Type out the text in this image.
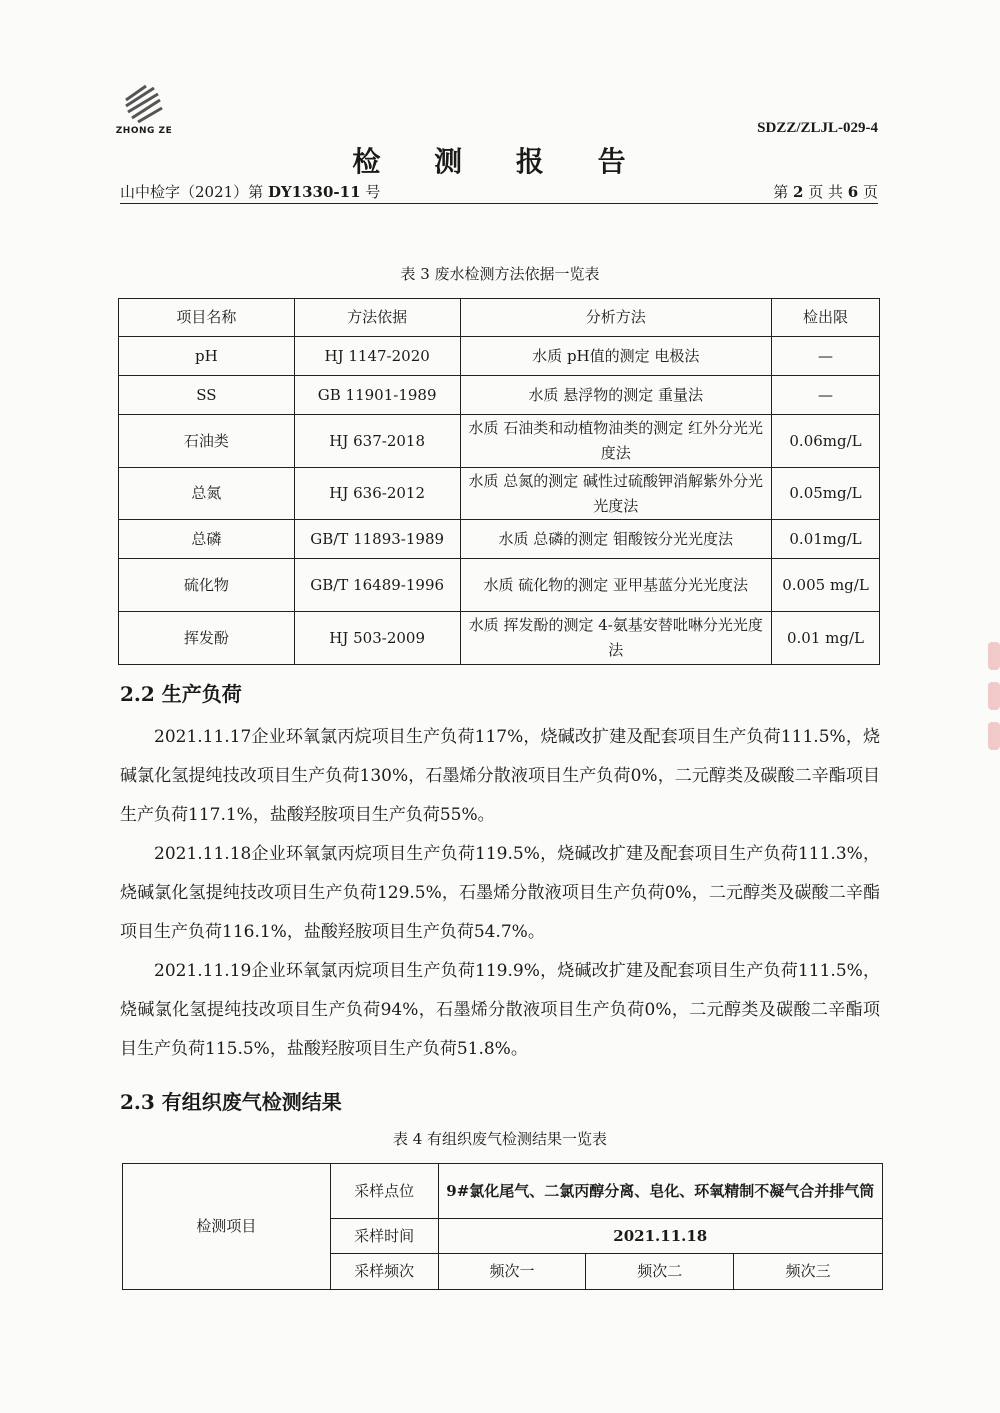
ZHONG ZE	SDZZ/ZLJL-029-4
检 测 报 告
山中检字（2021）第 DY1330-11 号	第 2 页 共 6 页
表 3 废水检测方法依据一览表
项目名称	方法依据	分析方法	检出限
pH	HJ 1147-2020	水质 pH值的测定 电极法	—
SS	GB 11901-1989	水质 悬浮物的测定 重量法	—
石油类	HJ 637-2018	水质 石油类和动植物油类的测定 红外分光光度法	0.06mg/L
总氮	HJ 636-2012	水质 总氮的测定 碱性过硫酸钾消解紫外分光光度法	0.05mg/L
总磷	GB/T 11893-1989	水质 总磷的测定 钼酸铵分光光度法	0.01mg/L
硫化物	GB/T 16489-1996	水质 硫化物的测定 亚甲基蓝分光光度法	0.005 mg/L
挥发酚	HJ 503-2009	水质 挥发酚的测定 4-氨基安替吡啉分光光度法	0.01 mg/L
2.2 生产负荷
2021.11.17企业环氧氯丙烷项目生产负荷117%，烧碱改扩建及配套项目生产负荷111.5%，烧碱氯化氢提纯技改项目生产负荷130%，石墨烯分散液项目生产负荷0%，二元醇类及碳酸二辛酯项目生产负荷117.1%，盐酸羟胺项目生产负荷55%。
2021.11.18企业环氧氯丙烷项目生产负荷119.5%，烧碱改扩建及配套项目生产负荷111.3%，烧碱氯化氢提纯技改项目生产负荷129.5%，石墨烯分散液项目生产负荷0%，二元醇类及碳酸二辛酯项目生产负荷116.1%，盐酸羟胺项目生产负荷54.7%。
2021.11.19企业环氧氯丙烷项目生产负荷119.9%，烧碱改扩建及配套项目生产负荷111.5%，烧碱氯化氢提纯技改项目生产负荷94%，石墨烯分散液项目生产负荷0%，二元醇类及碳酸二辛酯项目生产负荷115.5%，盐酸羟胺项目生产负荷51.8%。
2.3 有组织废气检测结果
表 4 有组织废气检测结果一览表
检测项目	采样点位	9#氯化尾气、二氯丙醇分离、皂化、环氧精制不凝气合并排气筒		
	采样时间	2021.11.18		
	采样频次	频次一	频次二	频次三
